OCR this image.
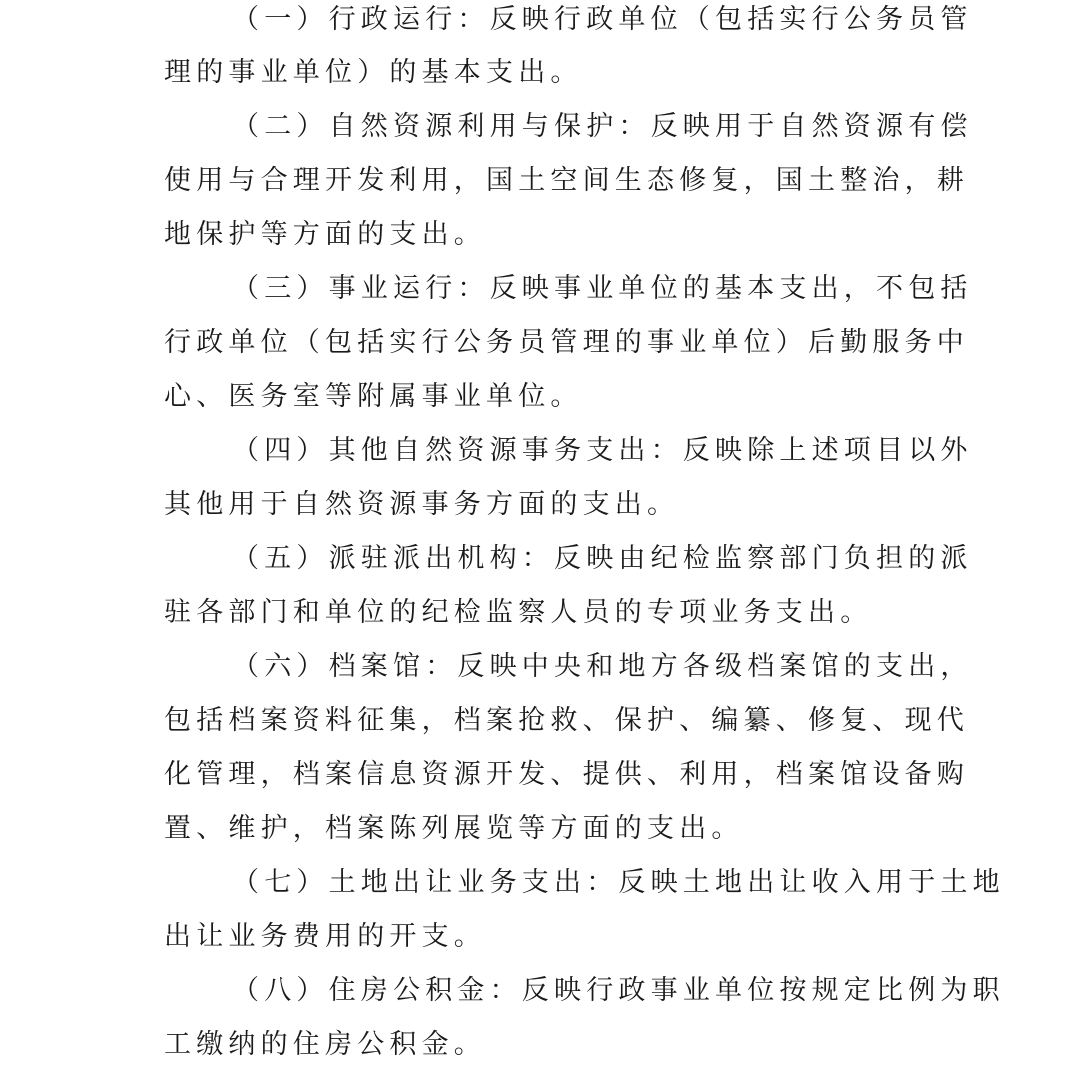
（一）行政运行：反映行政单位（包括实行公务员管
理的事业单位）的基本支出。
（二）自然资源利用与保护：反映用于自然资源有偿
使用与合理开发利用，国土空间生态修复，国土整治，耕
地保护等方面的支出。
（三）事业运行：反映事业单位的基本支出，不包括
行政单位（包括实行公务员管理的事业单位）后勤服务中
心、医务室等附属事业单位。
（四）其他自然资源事务支出：反映除上述项目以外
其他用于自然资源事务方面的支出。
（五）派驻派出机构：反映由纪检监察部门负担的派
驻各部门和单位的纪检监察人员的专项业务支出。
（六）档案馆：反映中央和地方各级档案馆的支出，
包括档案资料征集，档案抢救、保护、编纂、修复、现代
化管理，档案信息资源开发、提供、利用，档案馆设备购
置、维护，档案陈列展览等方面的支出。
（七）土地出让业务支出：反映土地出让收入用于土地
出让业务费用的开支。
（八）住房公积金：反映行政事业单位按规定比例为职
工缴纳的住房公积金。
